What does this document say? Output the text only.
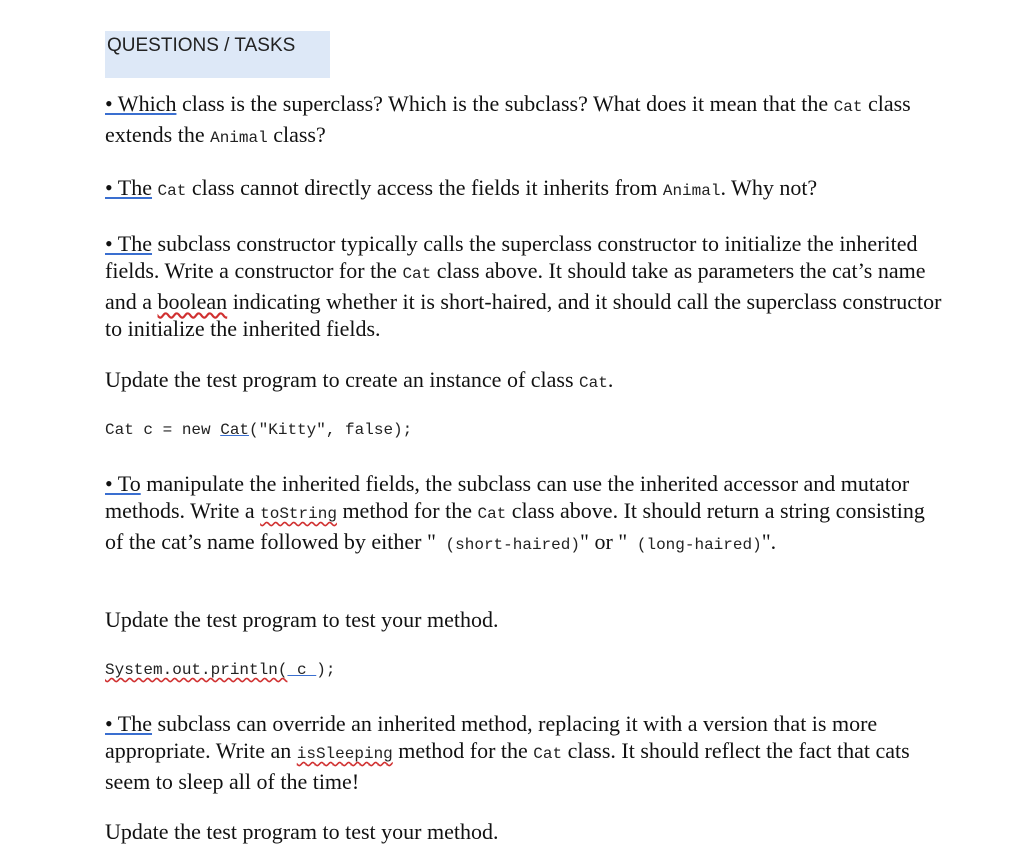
QUESTIONS / TASKS
• Which class is the superclass? Which is the subclass? What does it mean that the Cat class extends the Animal class?
• The Cat class cannot directly access the fields it inherits from Animal. Why not?
• The subclass constructor typically calls the superclass constructor to initialize the inherited fields. Write a constructor for the Cat class above. It should take as parameters the cat’s name and a boolean indicating whether it is short-haired, and it should call the superclass constructor to initialize the inherited fields.
Update the test program to create an instance of class Cat.
Cat c = new Cat("Kitty", false);
• To manipulate the inherited fields, the subclass can use the inherited accessor and mutator methods. Write a toString method for the Cat class above. It should return a string consisting of the cat’s name followed by either " (short-haired)" or " (long-haired)".
Update the test program to test your method.
System.out.println( c );
• The subclass can override an inherited method, replacing it with a version that is more appropriate. Write an isSleeping method for the Cat class. It should reflect the fact that cats seem to sleep all of the time!
Update the test program to test your method.
